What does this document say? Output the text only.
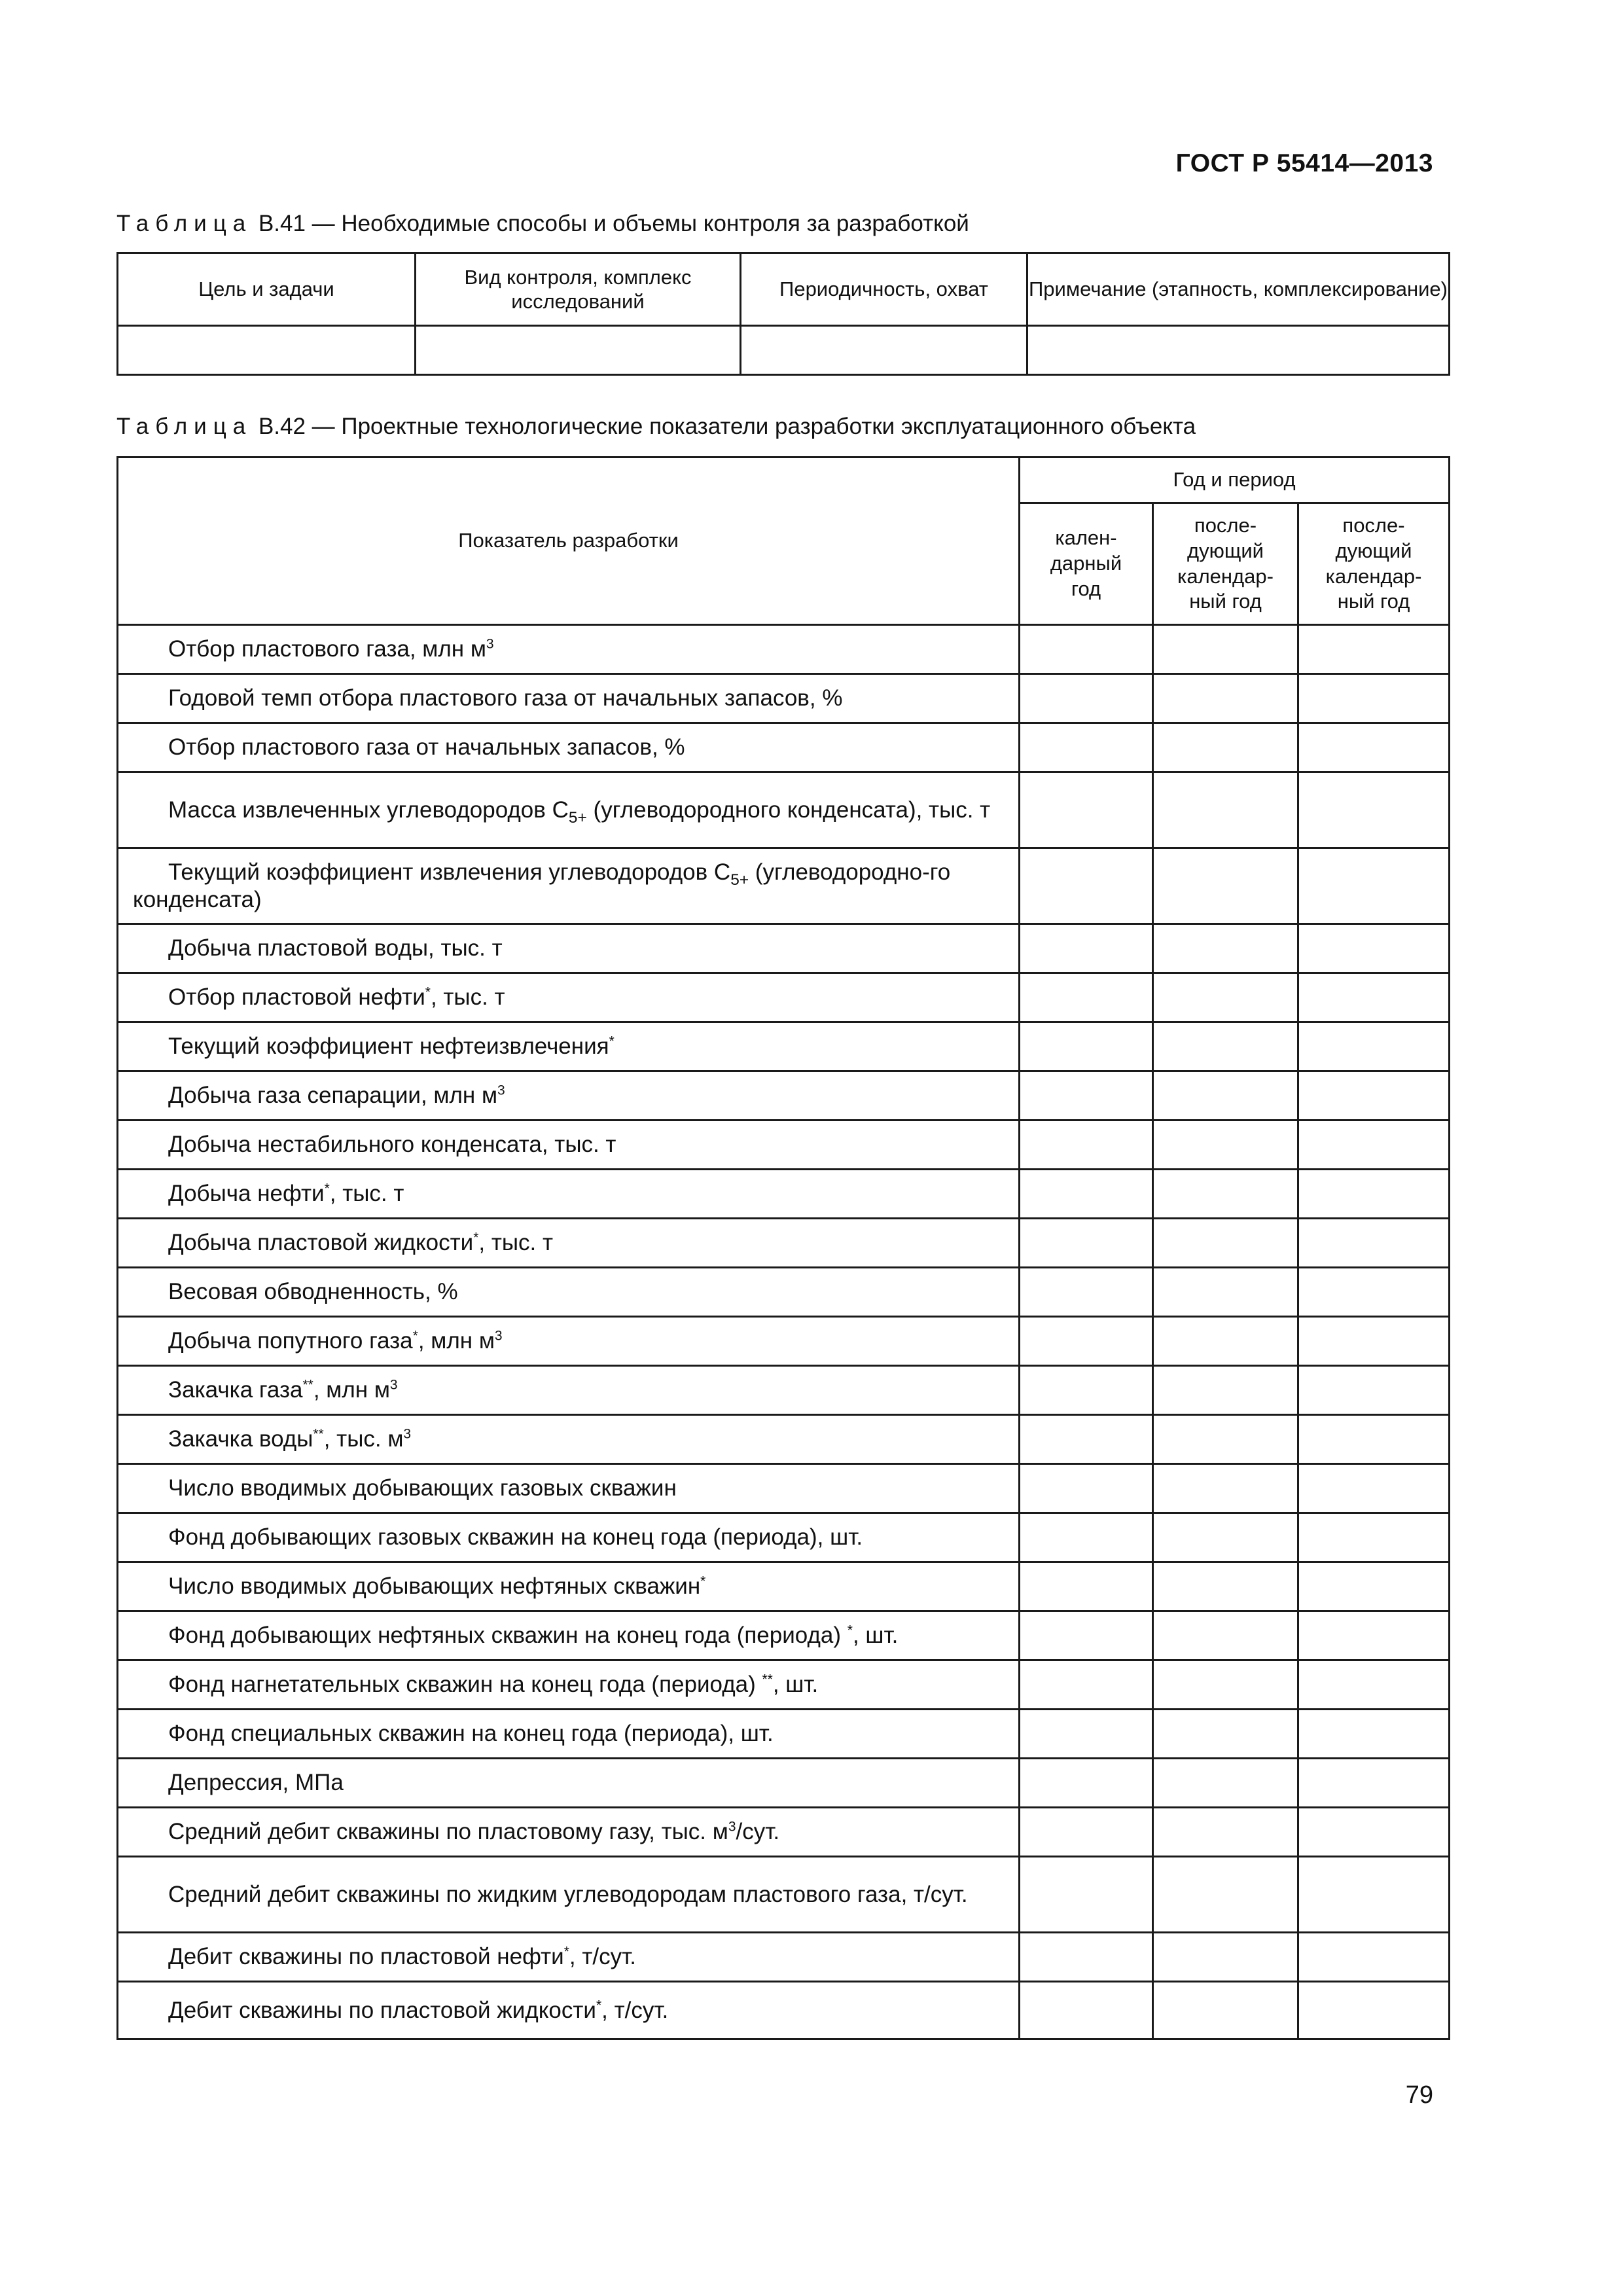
ГОСТ Р 55414—2013
Таблица В.41 — Необходимые способы и объемы контроля за разработкой
Цель и задачи	Вид контроля, комплекс исследований	Периодичность, охват	Примечание (этапность, комплексирование)

Таблица В.42 — Проектные технологические показатели разработки эксплуатационного объекта
Показатель разработки	Год и период		
	кален-
дарный
год	после-
дующий
календар-
ный год	после-
дующий
календар-
ный год
Отбор пластового газа, млн $м^3$			
Годовой темп отбора пластового газа от начальных запасов, %			
Отбор пластового газа от начальных запасов, %			
Масса извлеченных углеводородов $С_{5+}$ (углеводородного конденсата), тыс. т			
Текущий коэффициент извлечения углеводородов $С_{5+}$ (углеводородно-го конденсата)			
Добыча пластовой воды, тыс. т			
Отбор пластовой нефти*, тыс. т			
Текущий коэффициент нефтеизвлечения*			
Добыча газа сепарации, млн $м^3$			
Добыча нестабильного конденсата, тыс. т			
Добыча нефти*, тыс. т			
Добыча пластовой жидкости*, тыс. т			
Весовая обводненность, %			
Добыча попутного газа*, млн $м^3$			
Закачка газа**, млн $м^3$			
Закачка воды**, тыс. $м^3$			
Число вводимых добывающих газовых скважин			
Фонд добывающих газовых скважин на конец года (периода), шт.			
Число вводимых добывающих нефтяных скважин*			
Фонд добывающих нефтяных скважин на конец года (периода) *, шт.			
Фонд нагнетательных скважин на конец года (периода) **, шт.			
Фонд специальных скважин на конец года (периода), шт.			
Депрессия, МПа			
Средний дебит скважины по пластовому газу, тыс. $м^3$/сут.			
Средний дебит скважины по жидким углеводородам пластового газа, т/сут.			
Дебит скважины по пластовой нефти*, т/сут.			
Дебит скважины по пластовой жидкости*, т/сут.			
79
